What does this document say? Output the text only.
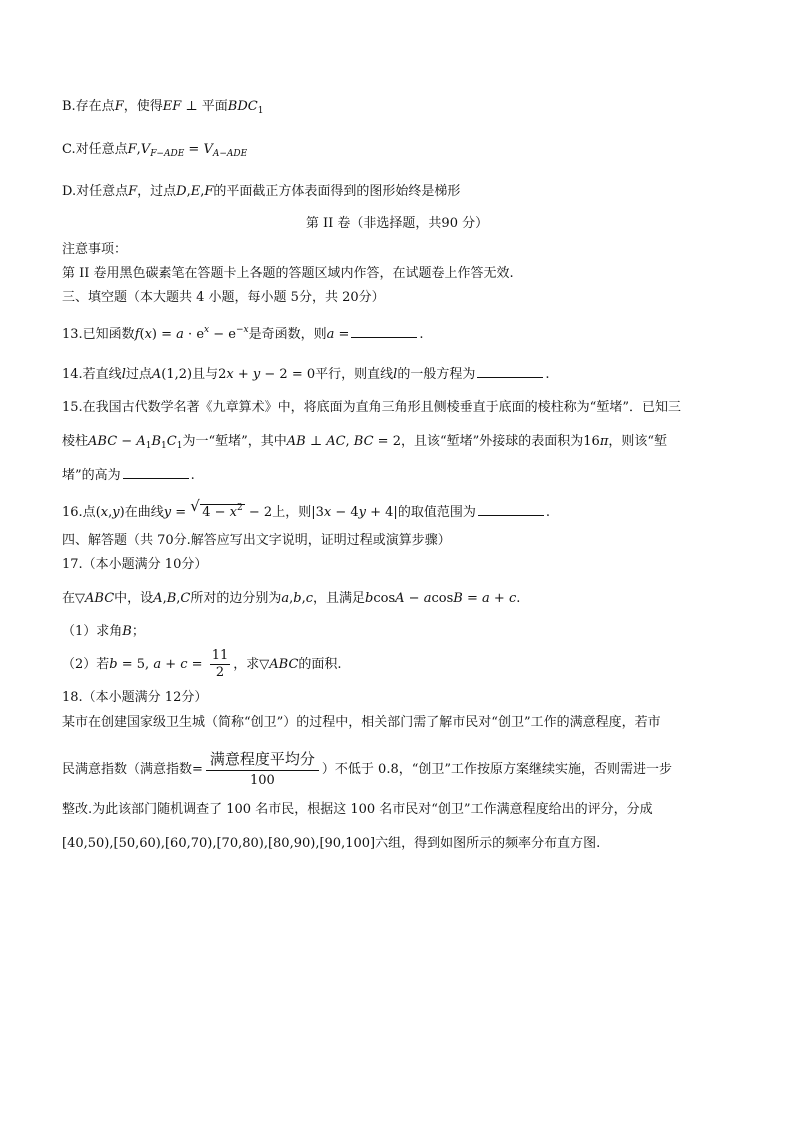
B.存在点F，使得EF ⊥ 平面$BDC_1$
C.对任意点$F,V_{F-ADE} = V_{A-ADE}$
D.对任意点F，过点D,E,F的平面截正方体表面得到的图形始终是梯形
第 II 卷（非选择题，共90 分）
注意事项：
第 II 卷用黑色碳素笔在答题卡上各题的答题区域内作答，在试题卷上作答无效.
三、填空题（本大题共 4 小题，每小题 5分，共 20分）
13.已知函数$f(x) = a \cdot e^x - e^{-x}$是奇函数，则a =	.
14.若直线l过点A(1,2)且与2x + y − 2 = 0平行，则直线l的一般方程为	.
15.在我国古代数学名著《九章算术》中，将底面为直角三角形且侧棱垂直于底面的棱柱称为“堑堵”．已知三
棱柱ABC − $A_1B_1C_1$为一“堑堵”，其中AB ⊥ AC, BC = 2，且该“堑堵”外接球的表面积为16π，则该“堑
堵”的高为	.
16.点(x,y)在曲线y = √ $4 - x^2 - 2$上，则|3x − 4y + 4|的取值范围为	.
四、解答题（共 70分.解答应写出文字说明，证明过程或演算步骤）
17.（本小题满分 10分）
在▽ABC中，设A,B,C所对的边分别为a,b,c，且满足bcosA − acosB = a + c.
（1）求角B；
（2）若b = 5, $a + c = \frac{11}{2}$ ，求▽ABC的面积.
18.（本小题满分 12分）
某市在创建国家级卫生城（简称“创卫”）的过程中，相关部门需了解市民对“创卫”工作的满意程度，若市
民满意指数（满意指数= $\frac{\text{满意程度平均分}}{100}$ ）不低于 0.8，“创卫”工作按原方案继续实施，否则需进一步
整改.为此该部门随机调查了 100 名市民，根据这 100 名市民对“创卫”工作满意程度给出的评分，分成
[40,50),[50,60),[60,70),[70,80),[80,90),[90,100]六组，得到如图所示的频率分布直方图.
